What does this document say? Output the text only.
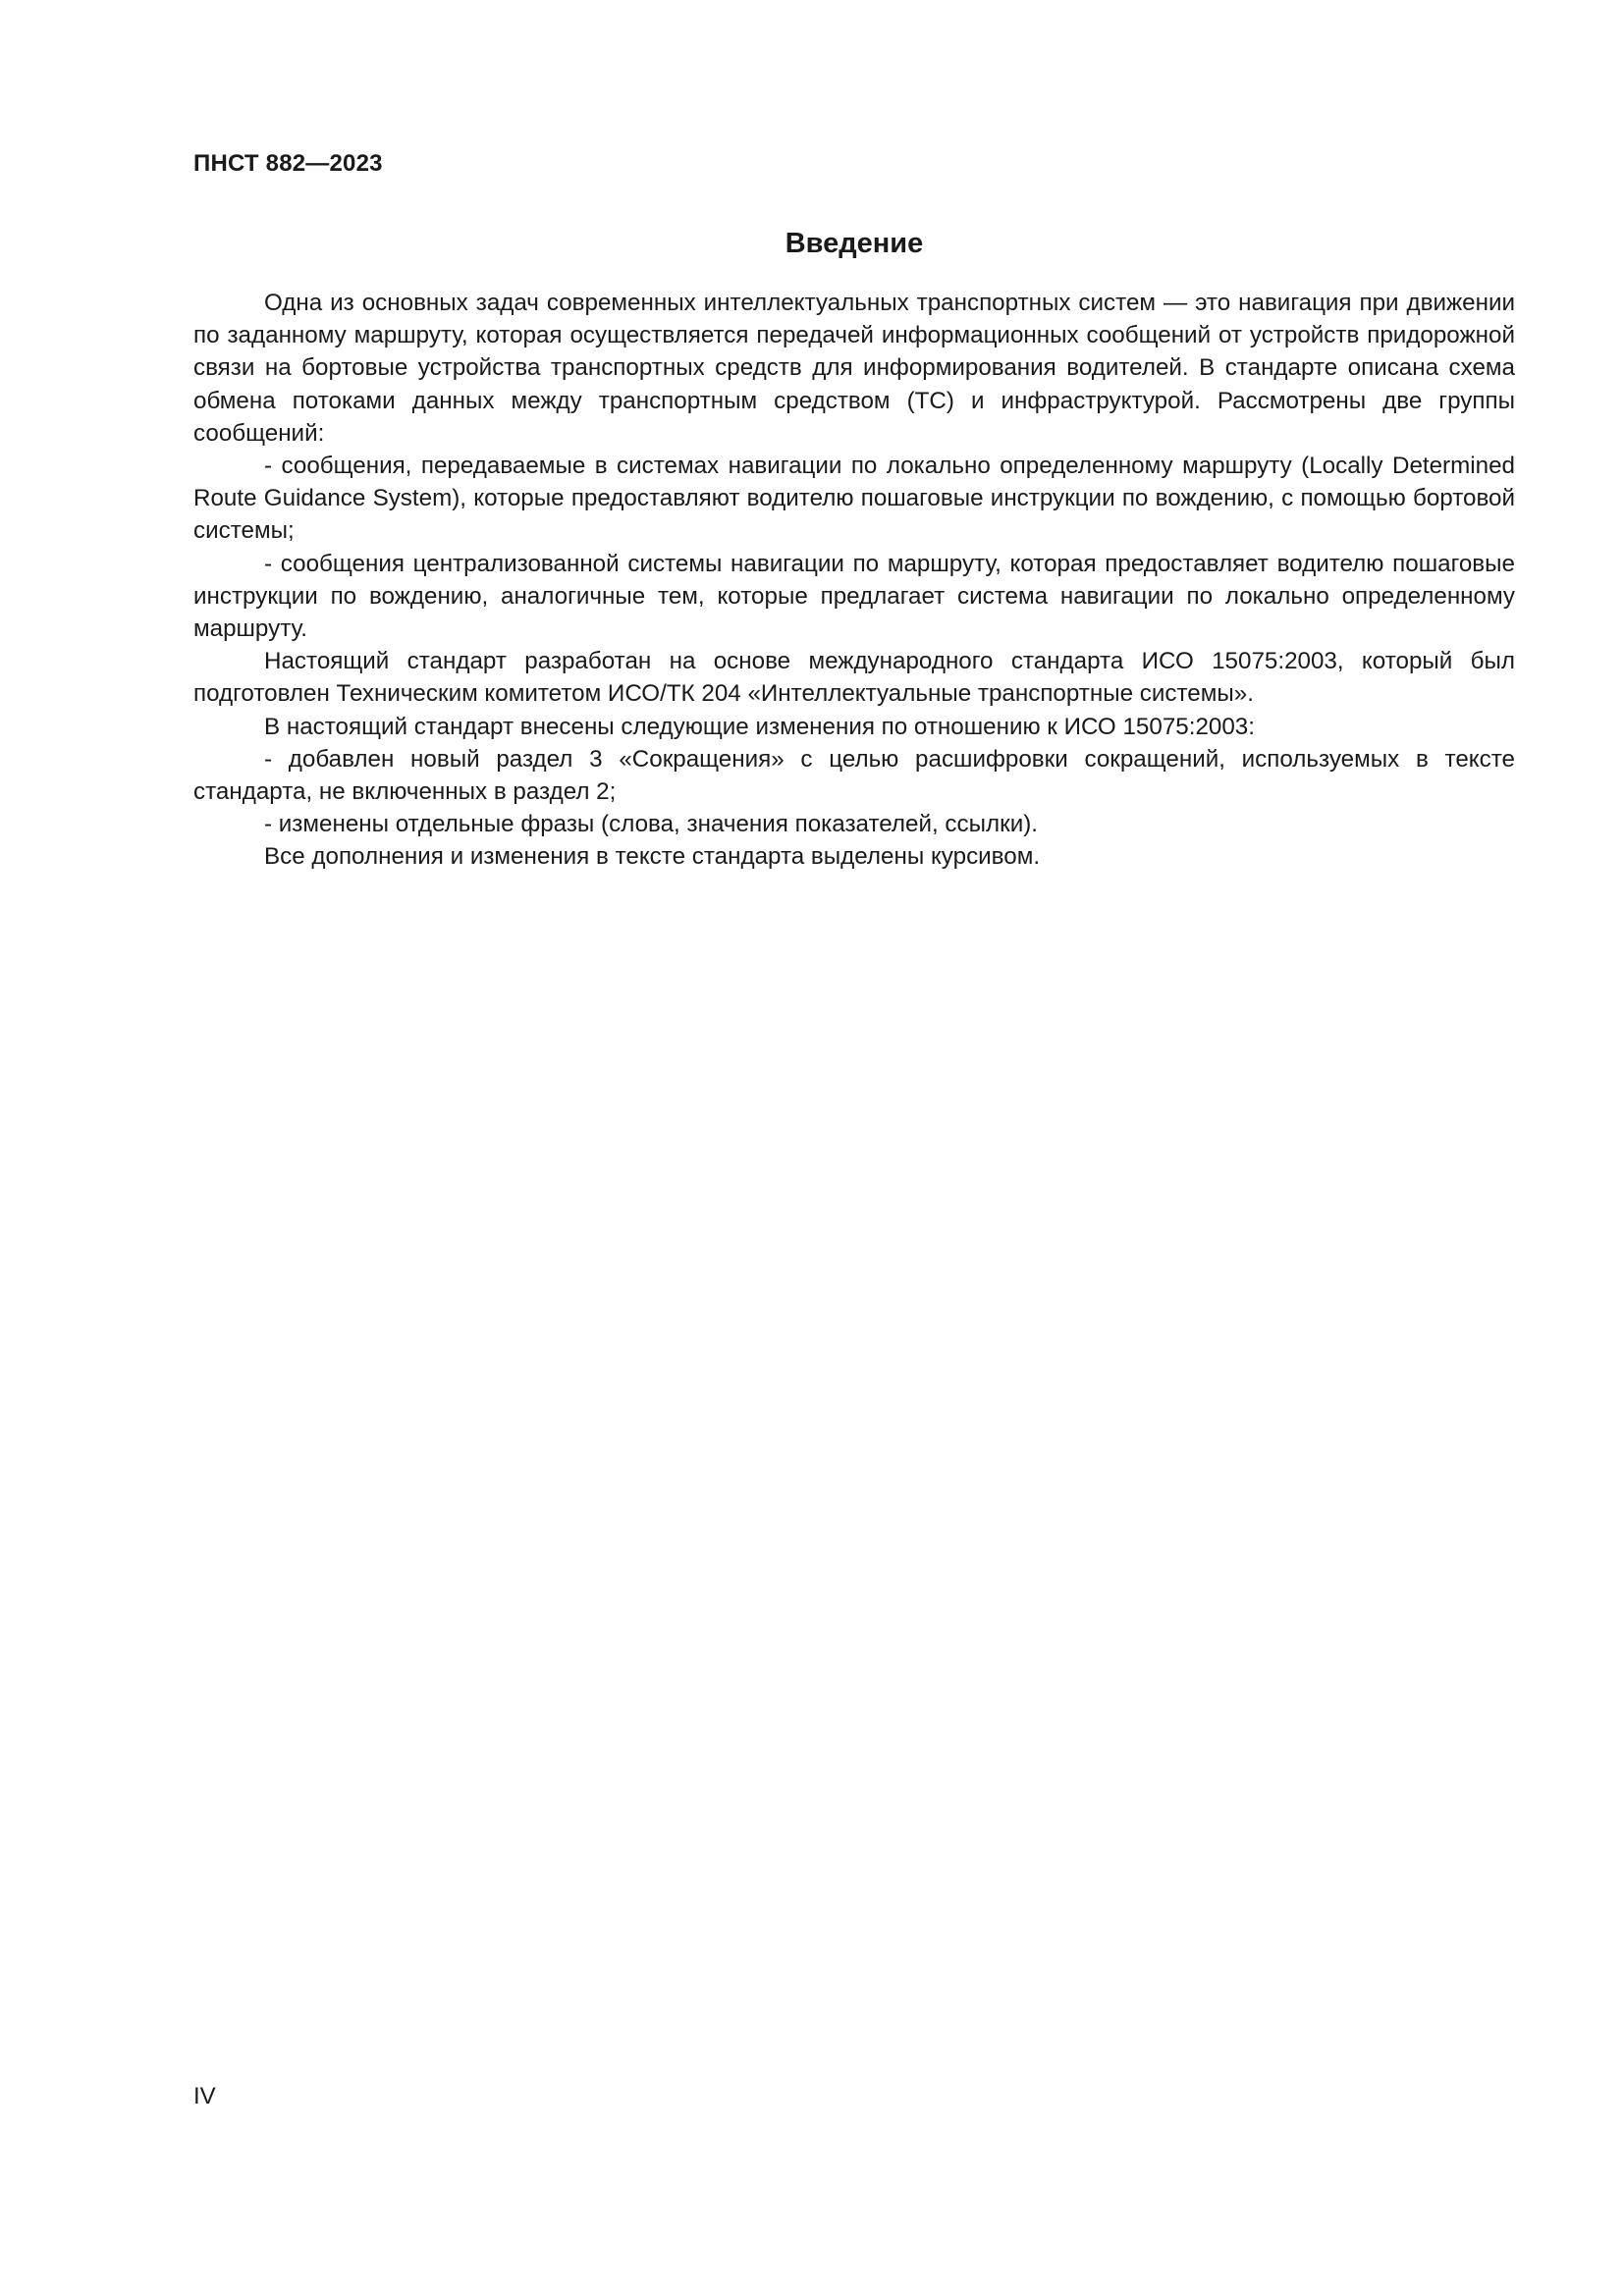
ПНСТ 882—2023
Введение

Одна из основных задач современных интеллектуальных транспортных систем — это навигация при движении по заданному маршруту, которая осуществляется передачей информационных сообщений от устройств придорожной связи на бортовые устройства транспортных средств для информирования водителей. В стандарте описана схема обмена потоками данных между транспортным средством (ТС) и инфраструктурой. Рассмотрены две группы сообщений:

- сообщения, передаваемые в системах навигации по локально определенному маршруту (Locally Determined Route Guidance System), которые предоставляют водителю пошаговые инструкции по вождению, с помощью бортовой системы;

- сообщения централизованной системы навигации по маршруту, которая предоставляет водителю пошаговые инструкции по вождению, аналогичные тем, которые предлагает система навигации по локально определенному маршруту.

Настоящий стандарт разработан на основе международного стандарта ИСО 15075:2003, который был подготовлен Техническим комитетом ИСО/ТК 204 «Интеллектуальные транспортные системы».

В настоящий стандарт внесены следующие изменения по отношению к ИСО 15075:2003:

- добавлен новый раздел 3 «Сокращения» с целью расшифровки сокращений, используемых в тексте стандарта, не включенных в раздел 2;

- изменены отдельные фразы (слова, значения показателей, ссылки).

Все дополнения и изменения в тексте стандарта выделены курсивом.

IV
